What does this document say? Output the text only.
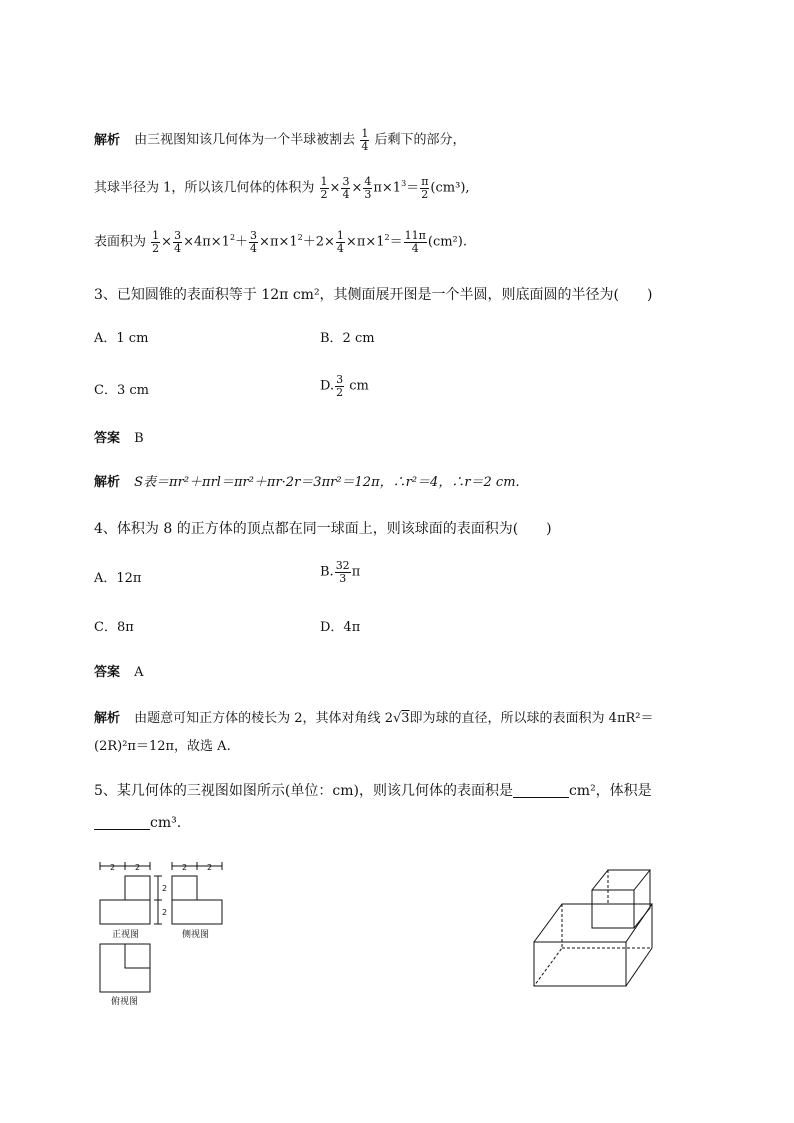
解析 由三视图知该几何体为一个半球被割去 $\frac{1}{4}$ 后剩下的部分，
其球半径为 1，所以该几何体的体积为 $\frac{1}{2} \times \frac{3}{4} \times \frac{4}{3} \pi\times 1^3= \frac{\pi}{2} (cm^3)$,
表面积为 $\frac{1}{2} \times \frac{3}{4} \times 4\pi\times 1^2+ \frac{3}{4} \times\pi\times 1^2+2\times \frac{1}{4} \times\pi\times 1^2= \frac{11\pi}{4} (cm^2)$.
3、已知圆锥的表面积等于 12π cm²，其侧面展开图是一个半圆，则底面圆的半径为(　　)
A．1 cm	B．2 cm
C．3 cm	D. $\frac{3}{2}$ cm
答案 B
解析 S表＝πr²＋πrl＝πr²＋πr·2r＝3πr²＝12π，∴r²＝4，∴r＝2 cm.
4、体积为 8 的正方体的顶点都在同一球面上，则该球面的表面积为(　　)
A．12π	B. $\frac{32}{3}$ π
C．8π	D．4π
答案 A
解析 由题意可知正方体的棱长为 2，其体对角线 2√3即为球的直径，所以球的表面积为 4πR²＝
(2R)²π＝12π，故选 A.
5、某几何体的三视图如图所示(单位：cm)，则该几何体的表面积是	cm²，体积是
cm³.
2 2	2 2
2
2
正视图	侧视图
俯视图
